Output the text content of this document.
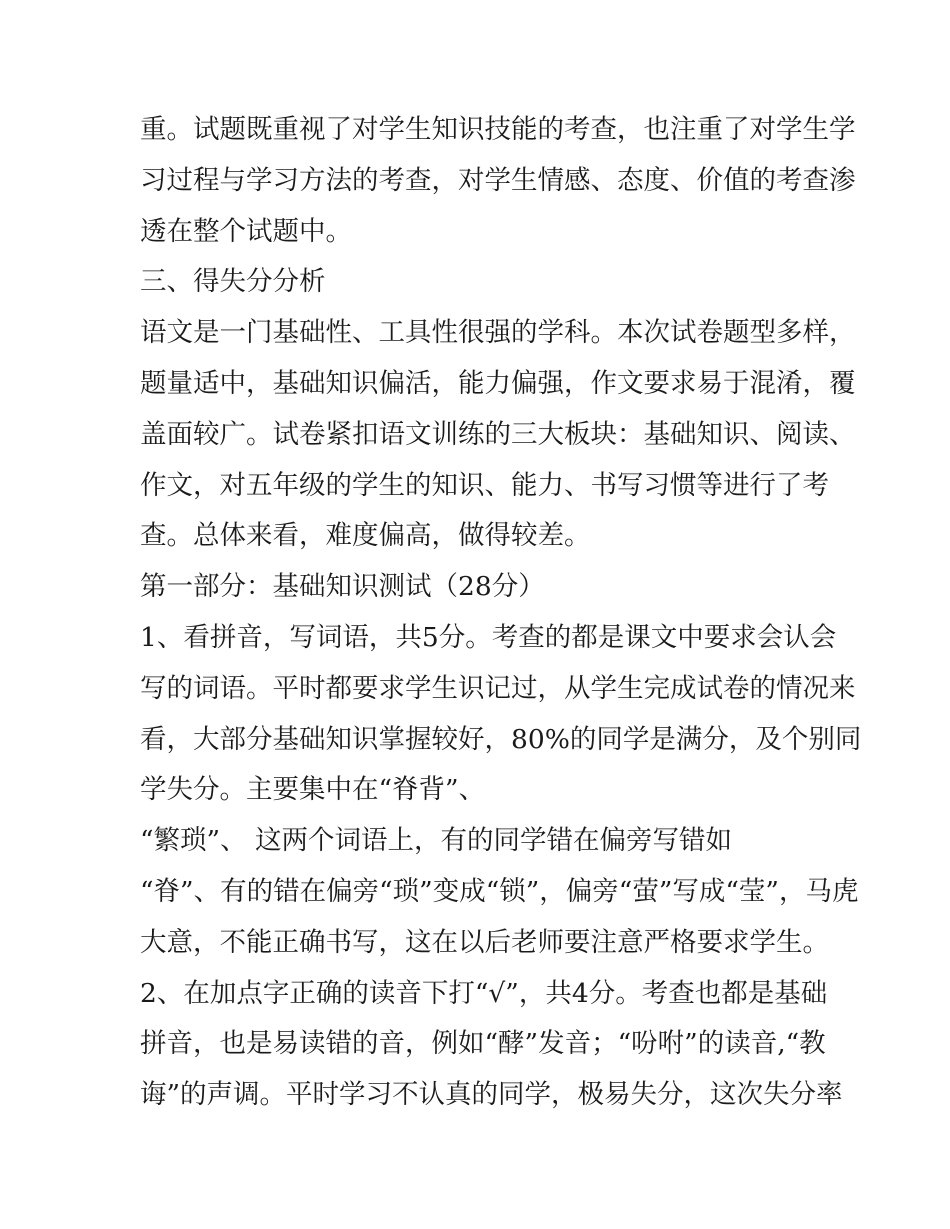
重。试题既重视了对学生知识技能的考查，也注重了对学生学
习过程与学习方法的考查，对学生情感、态度、价值的考查渗
透在整个试题中。
三、得失分分析
语文是一门基础性、工具性很强的学科。本次试卷题型多样，
题量适中，基础知识偏活，能力偏强，作文要求易于混淆，覆
盖面较广。试卷紧扣语文训练的三大板块：基础知识、阅读、
作文，对五年级的学生的知识、能力、书写习惯等进行了考
查。总体来看，难度偏高，做得较差。
第一部分：基础知识测试（28分）
1、看拼音，写词语，共5分。考查的都是课文中要求会认会
写的词语。平时都要求学生识记过，从学生完成试卷的情况来
看，大部分基础知识掌握较好，80%的同学是满分，及个别同
学失分。主要集中在“脊背”、
“繁琐”、 这两个词语上，有的同学错在偏旁写错如
“脊”、有的错在偏旁“琐”变成“锁”，偏旁“萤”写成“莹”，马虎
大意，不能正确书写，这在以后老师要注意严格要求学生。
2、在加点字正确的读音下打“√”，共4分。考查也都是基础
拼音，也是易读错的音，例如“酵”发音；“吩咐”的读音,“教
诲”的声调。平时学习不认真的同学，极易失分，这次失分率
